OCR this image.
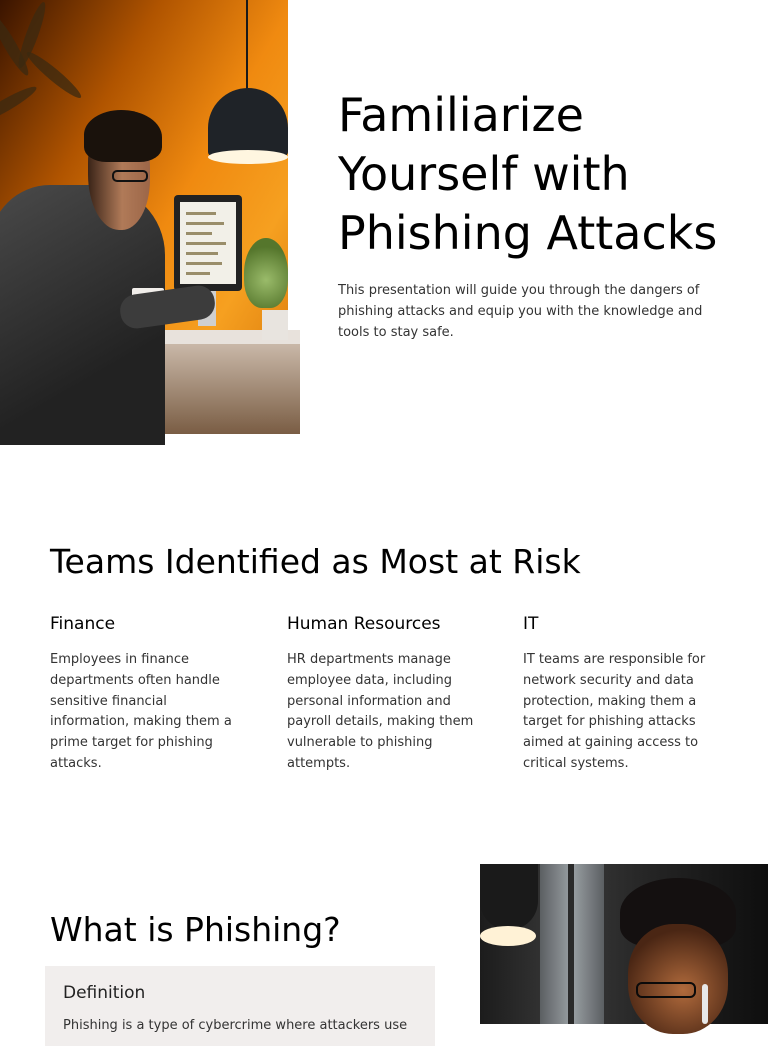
Familiarize Yourself with Phishing Attacks

This presentation will guide you through the dangers of phishing attacks and equip you with the knowledge and tools to stay safe.

Teams Identified as Most at Risk
Finance

Employees in finance departments often handle sensitive financial information, making them a prime target for phishing attacks.

Human Resources

HR departments manage employee data, including personal information and payroll details, making them vulnerable to phishing attempts.

IT

IT teams are responsible for network security and data protection, making them a target for phishing attacks aimed at gaining access to critical systems.

What is Phishing?
Definition

Phishing is a type of cybercrime where attackers use
